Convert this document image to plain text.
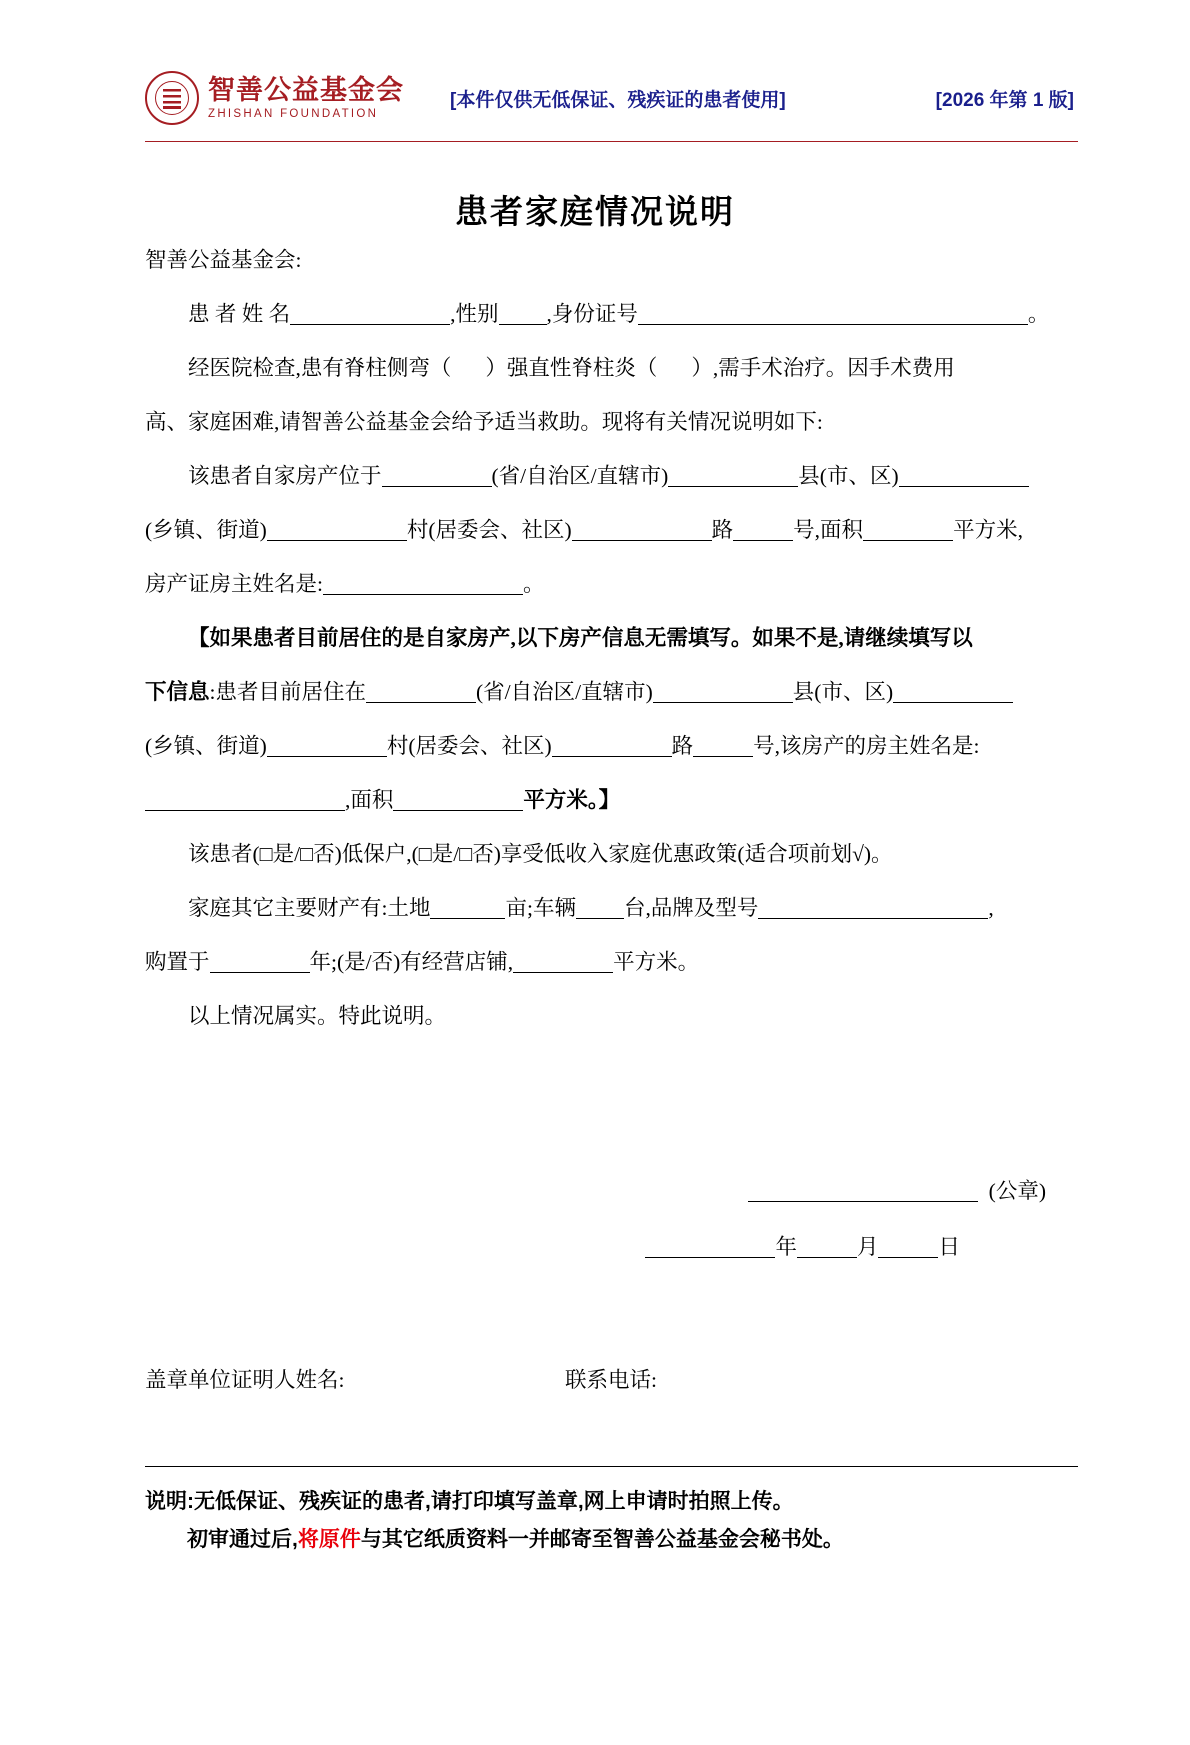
智善公益基金会
ZHISHAN FOUNDATION
[本件仅供无低保证、残疾证的患者使用]	[2026 年第 1 版]
患者家庭情况说明
智善公益基金会:
患 者 姓 名	,性别 ,身份证号	。
经医院检查,患有脊柱侧弯（ ）强直性脊柱炎（ ）,需手术治疗。因手术费用
高、家庭困难,请智善公益基金会给予适当救助。现将有关情况说明如下:
该患者自家房产位于	(省/自治区/直辖市)	县(市、区)
(乡镇、街道)	村(居委会、社区)	路	号,面积	平方米,
房产证房主姓名是:	。
【如果患者目前居住的是自家房产,以下房产信息无需填写。如果不是,请继续填写以
下信息:患者目前居住在	(省/自治区/直辖市)	县(市、区)
(乡镇、街道)	村(居委会、社区)	路	号,该房产的房主姓名是:
,面积	平方米。】
该患者(□是/□否)低保户,(□是/□否)享受低收入家庭优惠政策(适合项前划√)。
家庭其它主要财产有:土地	亩;车辆 台,品牌及型号	,
购置于	年;(是/否)有经营店铺,	平方米。
以上情况属实。特此说明。
(公章)
年	月	日
盖章单位证明人姓名:	联系电话:
说明:无低保证、残疾证的患者,请打印填写盖章,网上申请时拍照上传。
初审通过后,将原件与其它纸质资料一并邮寄至智善公益基金会秘书处。
